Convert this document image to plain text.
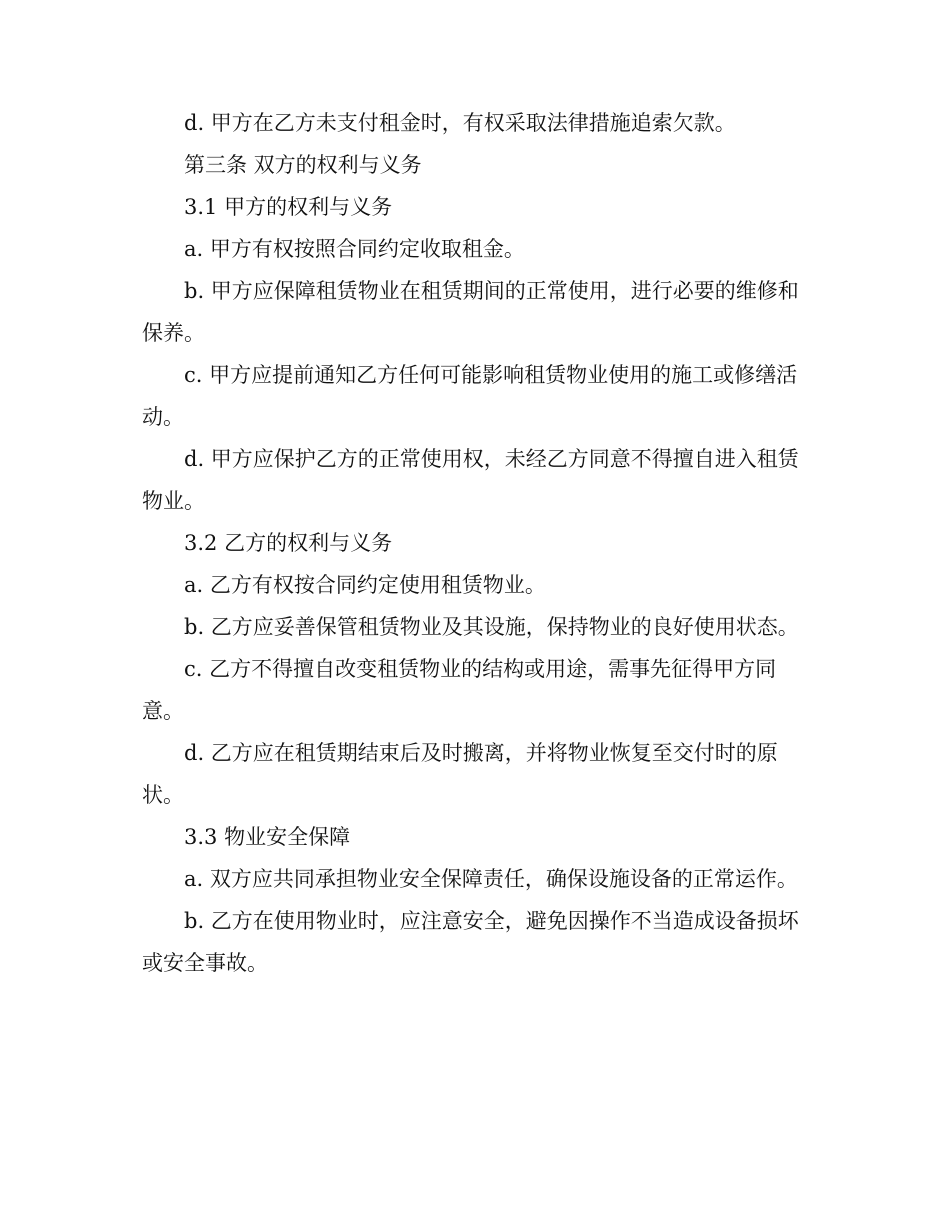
d. 甲方在乙方未支付租金时，有权采取法律措施追索欠款。

第三条 双方的权利与义务

3.1 甲方的权利与义务

a. 甲方有权按照合同约定收取租金。

b. 甲方应保障租赁物业在租赁期间的正常使用，进行必要的维修和保养。

c. 甲方应提前通知乙方任何可能影响租赁物业使用的施工或修缮活动。

d. 甲方应保护乙方的正常使用权，未经乙方同意不得擅自进入租赁物业。

3.2 乙方的权利与义务

a. 乙方有权按合同约定使用租赁物业。

b. 乙方应妥善保管租赁物业及其设施，保持物业的良好使用状态。

c. 乙方不得擅自改变租赁物业的结构或用途，需事先征得甲方同意。

d. 乙方应在租赁期结束后及时搬离，并将物业恢复至交付时的原状。

3.3 物业安全保障

a. 双方应共同承担物业安全保障责任，确保设施设备的正常运作。

b. 乙方在使用物业时，应注意安全，避免因操作不当造成设备损坏或安全事故。
